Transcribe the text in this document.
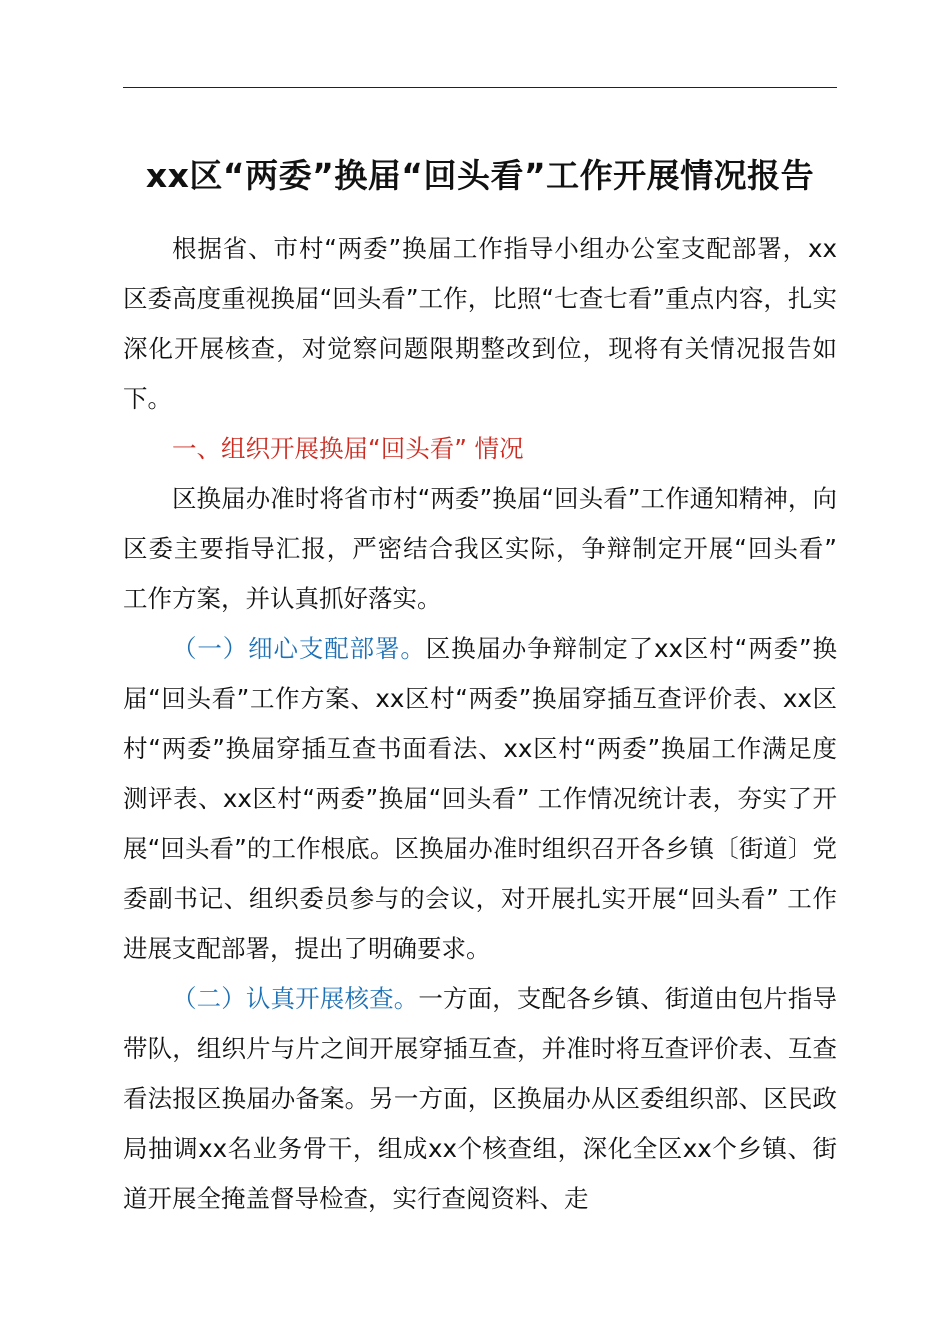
xx区“两委”换届“回头看”工作开展情况报告

根据省、市村“两委”换届工作指导小组办公室支配部署，xx区委高度重视换届“回头看”工作，比照“七查七看”重点内容，扎实深化开展核查，对觉察问题限期整改到位，现将有关情况报告如下。

一、组织开展换届“回头看” 情况

区换届办准时将省市村“两委”换届“回头看”工作通知精神，向区委主要指导汇报，严密结合我区实际，争辩制定开展“回头看” 工作方案，并认真抓好落实。

（一）细心支配部署。区换届办争辩制定了xx区村“两委”换届“回头看”工作方案、xx区村“两委”换届穿插互查评价表、xx区村“两委”换届穿插互查书面看法、xx区村“两委”换届工作满足度测评表、xx区村“两委”换届“回头看” 工作情况统计表，夯实了开展“回头看”的工作根底。区换届办准时组织召开各乡镇〔街道〕党委副书记、组织委员参与的会议，对开展扎实开展“回头看” 工作进展支配部署，提出了明确要求。

（二）认真开展核查。一方面，支配各乡镇、街道由包片指导带队，组织片与片之间开展穿插互查，并准时将互查评价表、互查看法报区换届办备案。另一方面，区换届办从区委组织部、区民政局抽调xx名业务骨干，组成xx个核查组，深化全区xx个乡镇、街道开展全掩盖督导检查，实行查阅资料、走
